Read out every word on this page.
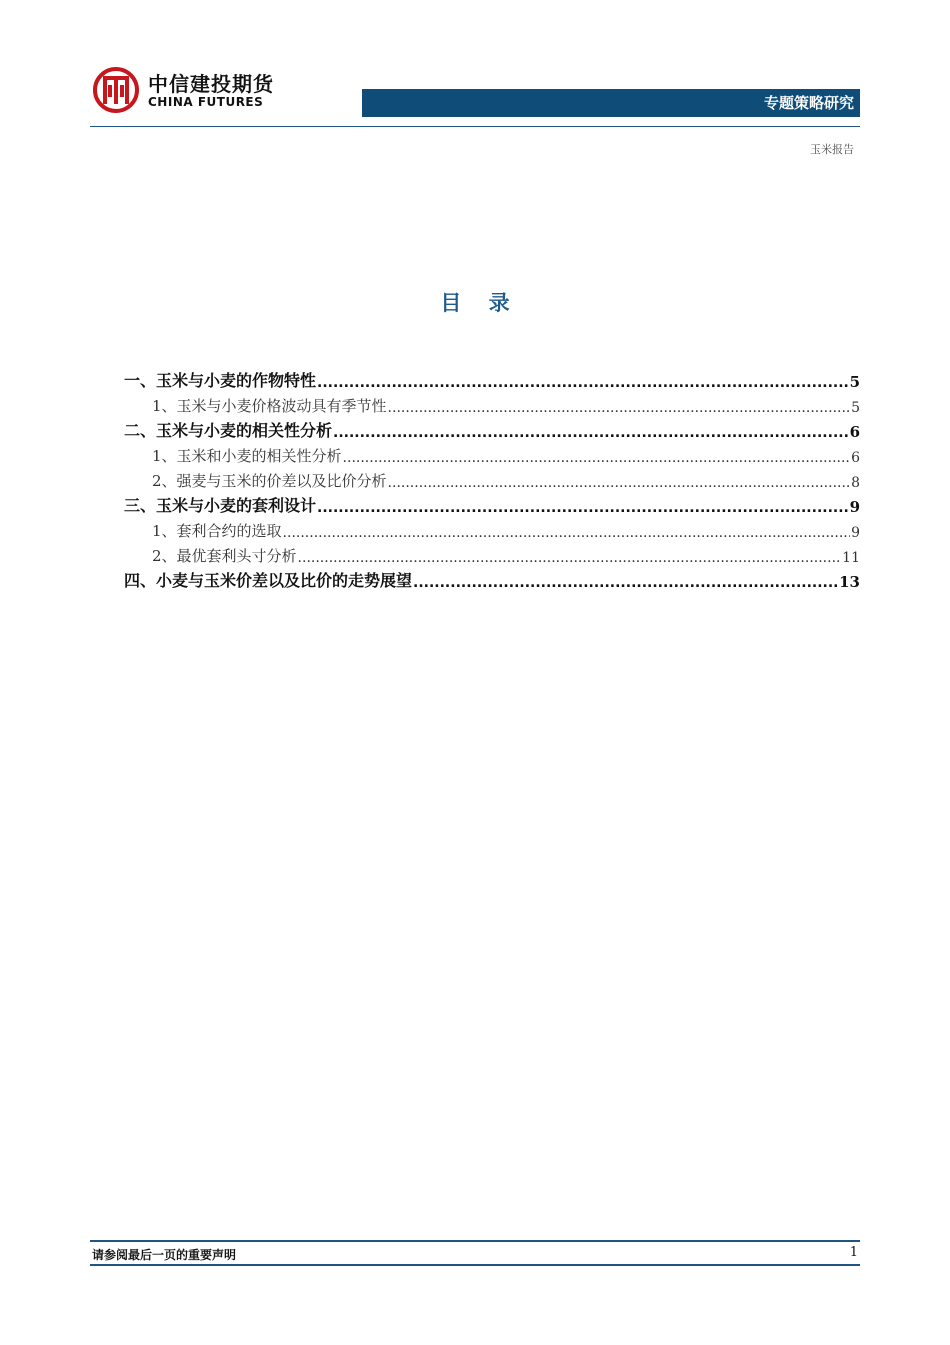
中信建投期货
CHINA FUTURES	专题策略研究
玉米报告
目 录
一、玉米与小麦的作物特性 .....	5
1、玉米与小麦价格波动具有季节性 .....	5
二、玉米与小麦的相关性分析 .....	6
1、玉米和小麦的相关性分析 .....	6
2、强麦与玉米的价差以及比价分析 .....	8
三、玉米与小麦的套利设计 .....	9
1、套利合约的选取 .....	9
2、最优套利头寸分析 .....	11
四、小麦与玉米价差以及比价的走势展望 .....	13
请参阅最后一页的重要声明	1
